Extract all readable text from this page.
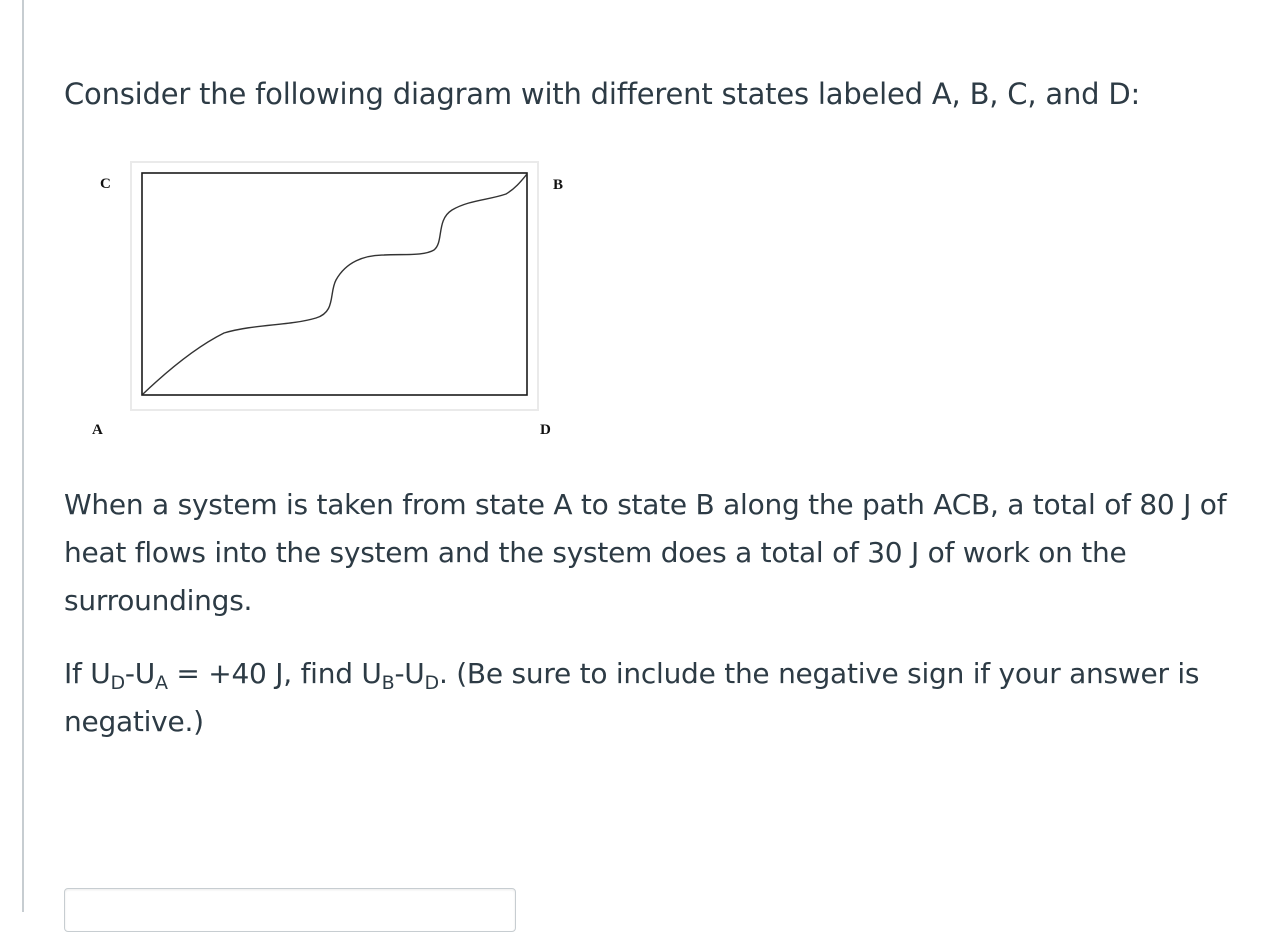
Consider the following diagram with different states labeled A, B, C, and D:

C	B
A	D

When a system is taken from state A to state B along the path ACB, a total of 80 J of heat flows into the system and the system does a total of 30 J of work on the surroundings.

If $U_D-U_A = +40$ J, find $U_B-U_D$. (Be sure to include the negative sign if your answer is negative.)
